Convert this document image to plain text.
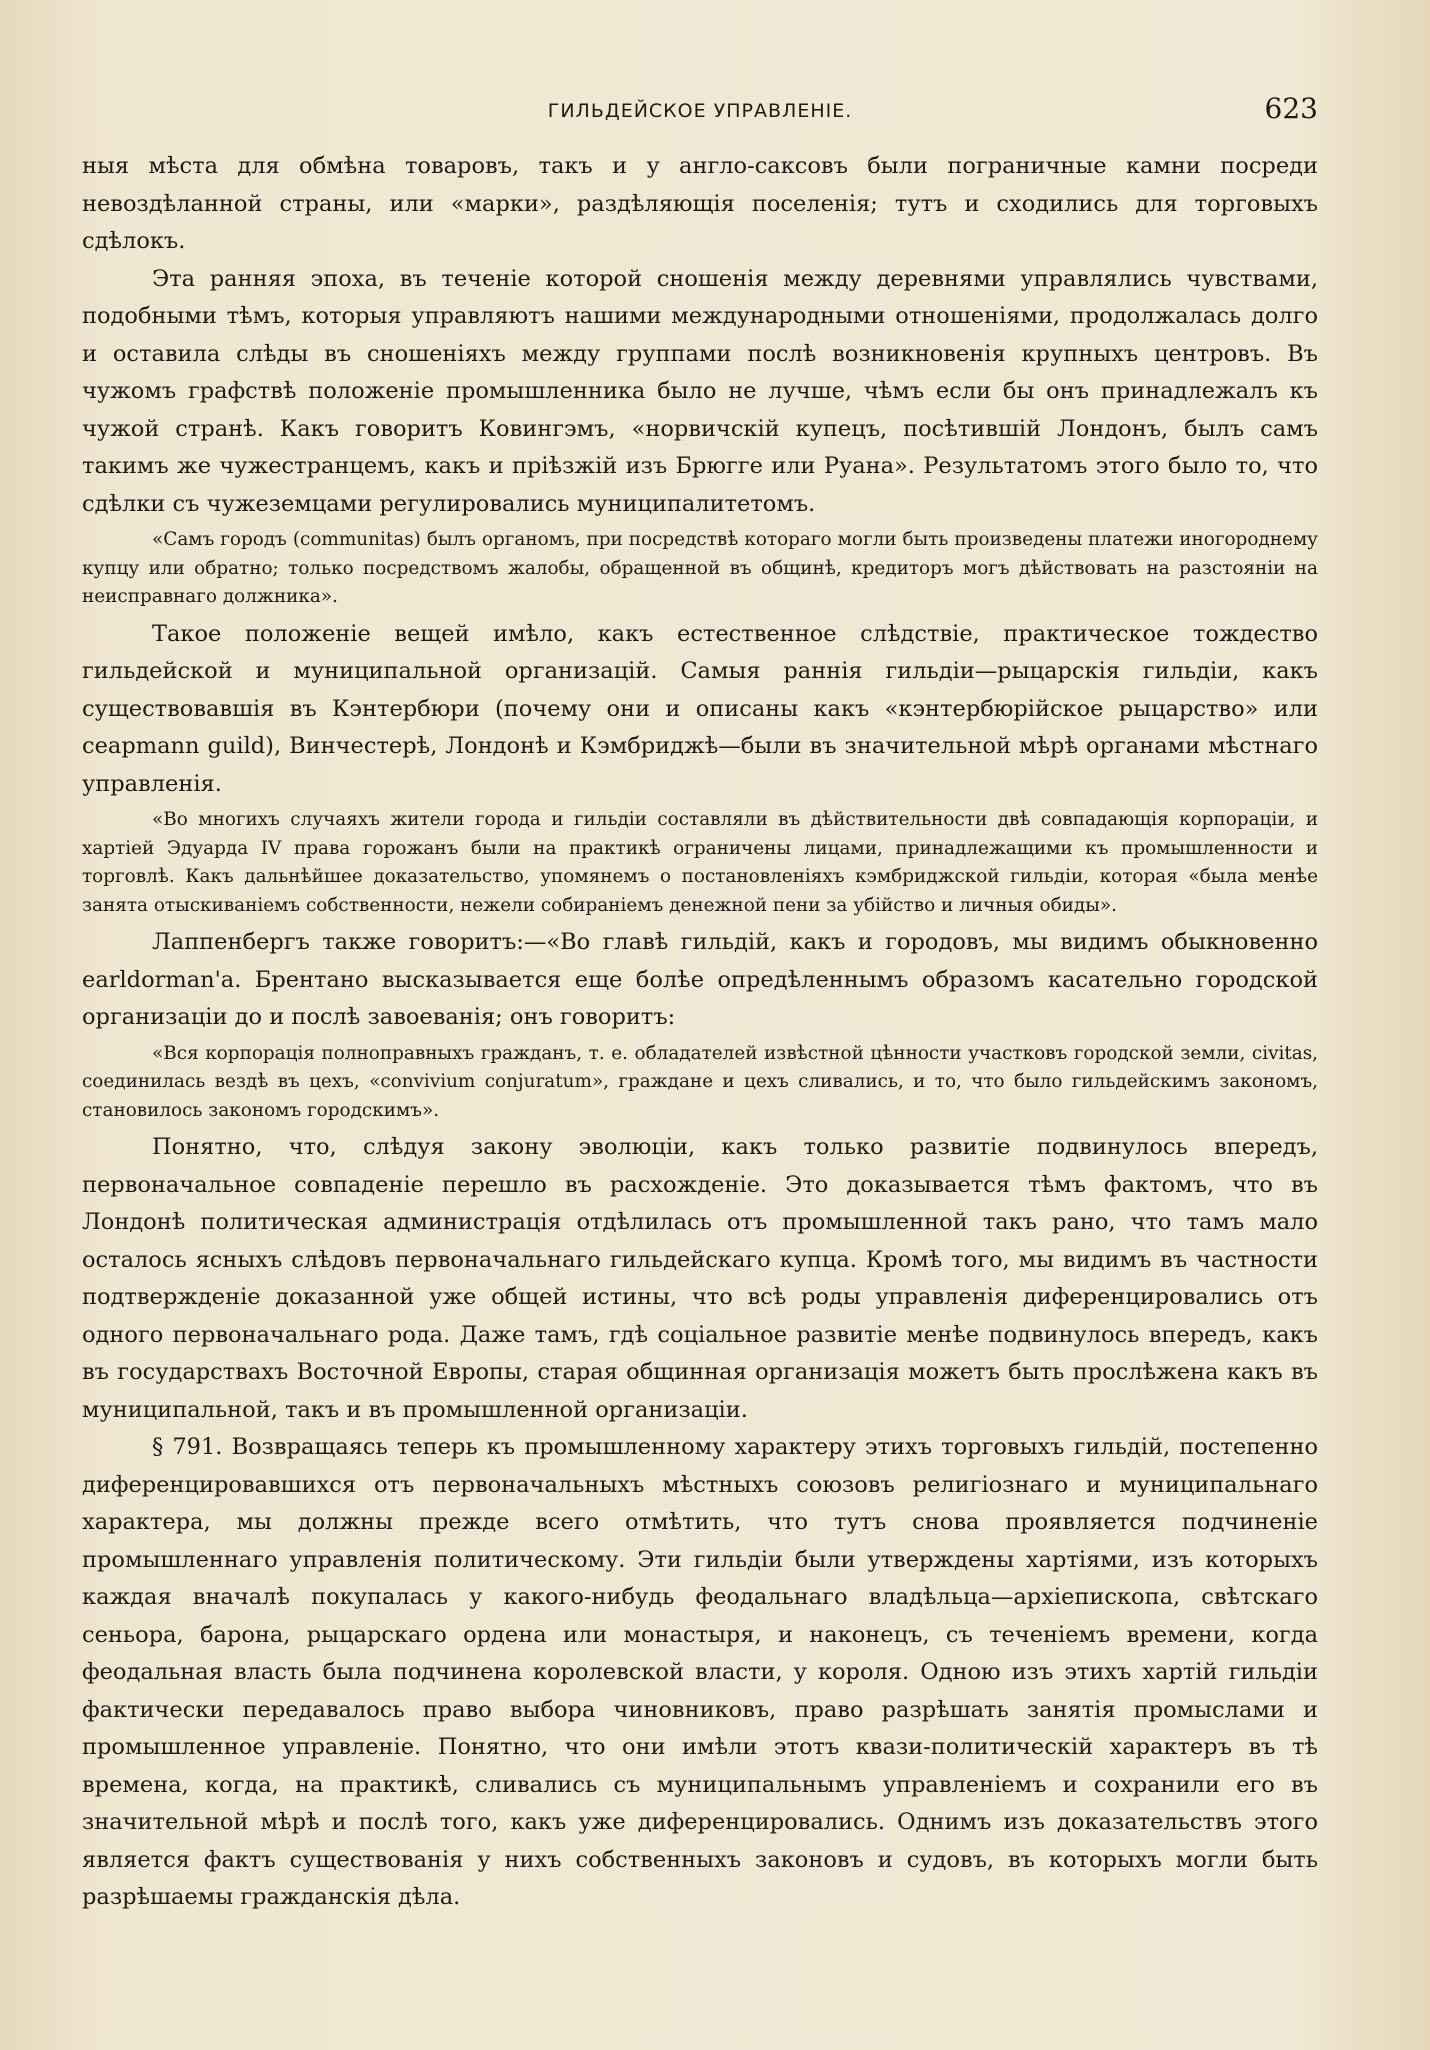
ГИЛЬДЕЙСКОЕ УПРАВЛЕНІЕ.	623

ныя мѣста для обмѣна товаровъ, такъ и у англо-саксовъ были пограничные камни посреди невоздѣланной страны, или «марки», раздѣляющія поселенія; тутъ и сходились для торговыхъ сдѣлокъ.

Эта ранняя эпоха, въ теченіе которой сношенія между деревнями управлялись чувствами, подобными тѣмъ, которыя управляютъ нашими международными отношеніями, продолжалась долго и оставила слѣды въ сношеніяхъ между группами послѣ возникновенія крупныхъ центровъ. Въ чужомъ графствѣ положеніе промышленника было не лучше, чѣмъ если бы онъ принадлежалъ къ чужой странѣ. Какъ говоритъ Ковингэмъ, «норвичскій купецъ, посѣтившій Лондонъ, былъ самъ такимъ же чужестранцемъ, какъ и пріѣзжій изъ Брюгге или Руана». Результатомъ этого было то, что сдѣлки съ чужеземцами регулировались муниципалитетомъ.

«Самъ городъ (communitas) былъ органомъ, при посредствѣ котораго могли быть произведены платежи иногороднему купцу или обратно; только посредствомъ жалобы, обращенной въ общинѣ, кредиторъ могъ дѣйствовать на разстояніи на неисправнаго должника».

Такое положеніе вещей имѣло, какъ естественное слѣдствіе, практическое тождество гильдейской и муниципальной организацій. Самыя раннія гильдіи—рыцарскія гильдіи, какъ существовавшія въ Кэнтербюри (почему они и описаны какъ «кэнтербюрійское рыцарство» или ceapmann guild), Винчестерѣ, Лондонѣ и Кэмбриджѣ—были въ значительной мѣрѣ органами мѣстнаго управленія.

«Во многихъ случаяхъ жители города и гильдіи составляли въ дѣйствительности двѣ совпадающія корпораціи, и хартіей Эдуарда IV права горожанъ были на практикѣ ограничены лицами, принадлежащими къ промышленности и торговлѣ. Какъ дальнѣйшее доказательство, упомянемъ о постановленіяхъ кэмбриджской гильдіи, которая «была менѣе занята отыскиваніемъ собственности, нежели собираніемъ денежной пени за убійство и личныя обиды».

Лаппенбергъ также говоритъ:—«Во главѣ гильдій, какъ и городовъ, мы видимъ обыкновенно earldorman'а. Брентано высказывается еще болѣе опредѣленнымъ образомъ касательно городской организаціи до и послѣ завоеванія; онъ говоритъ:

«Вся корпорація полноправныхъ гражданъ, т. е. обладателей извѣстной цѣнности участковъ городской земли, civitas, соединилась вездѣ въ цехъ, «convivium conjuratum», граждане и цехъ сливались, и то, что было гильдейскимъ закономъ, становилось закономъ городскимъ».

Понятно, что, слѣдуя закону эволюціи, какъ только развитіе подвинулось впередъ, первоначальное совпаденіе перешло въ расхожденіе. Это доказывается тѣмъ фактомъ, что въ Лондонѣ политическая администрація отдѣлилась отъ промышленной такъ рано, что тамъ мало осталось ясныхъ слѣдовъ первоначальнаго гильдейскаго купца. Кромѣ того, мы видимъ въ частности подтвержденіе доказанной уже общей истины, что всѣ роды управленія диференцировались отъ одного первоначальнаго рода. Даже тамъ, гдѣ соціальное развитіе менѣе подвинулось впередъ, какъ въ государствахъ Восточной Европы, старая общинная организація можетъ быть прослѣжена какъ въ муниципальной, такъ и въ промышленной организаціи.

§ 791. Возвращаясь теперь къ промышленному характеру этихъ торговыхъ гильдій, постепенно диференцировавшихся отъ первоначальныхъ мѣстныхъ союзовъ религіознаго и муниципальнаго характера, мы должны прежде всего отмѣтить, что тутъ снова проявляется подчиненіе промышленнаго управленія политическому. Эти гильдіи были утверждены хартіями, изъ которыхъ каждая вначалѣ покупалась у какого-нибудь феодальнаго владѣльца—архіепископа, свѣтскаго сеньора, барона, рыцарскаго ордена или монастыря, и наконецъ, съ теченіемъ времени, когда феодальная власть была подчинена королевской власти, у короля. Одною изъ этихъ хартій гильдіи фактически передавалось право выбора чиновниковъ, право разрѣшать занятія промыслами и промышленное управленіе. Понятно, что они имѣли этотъ квази-политическій характеръ въ тѣ времена, когда, на практикѣ, сливались съ муниципальнымъ управленіемъ и сохранили его въ значительной мѣрѣ и послѣ того, какъ уже диференцировались. Однимъ изъ доказательствъ этого является фактъ существованія у нихъ собственныхъ законовъ и судовъ, въ которыхъ могли быть разрѣшаемы гражданскія дѣла.
